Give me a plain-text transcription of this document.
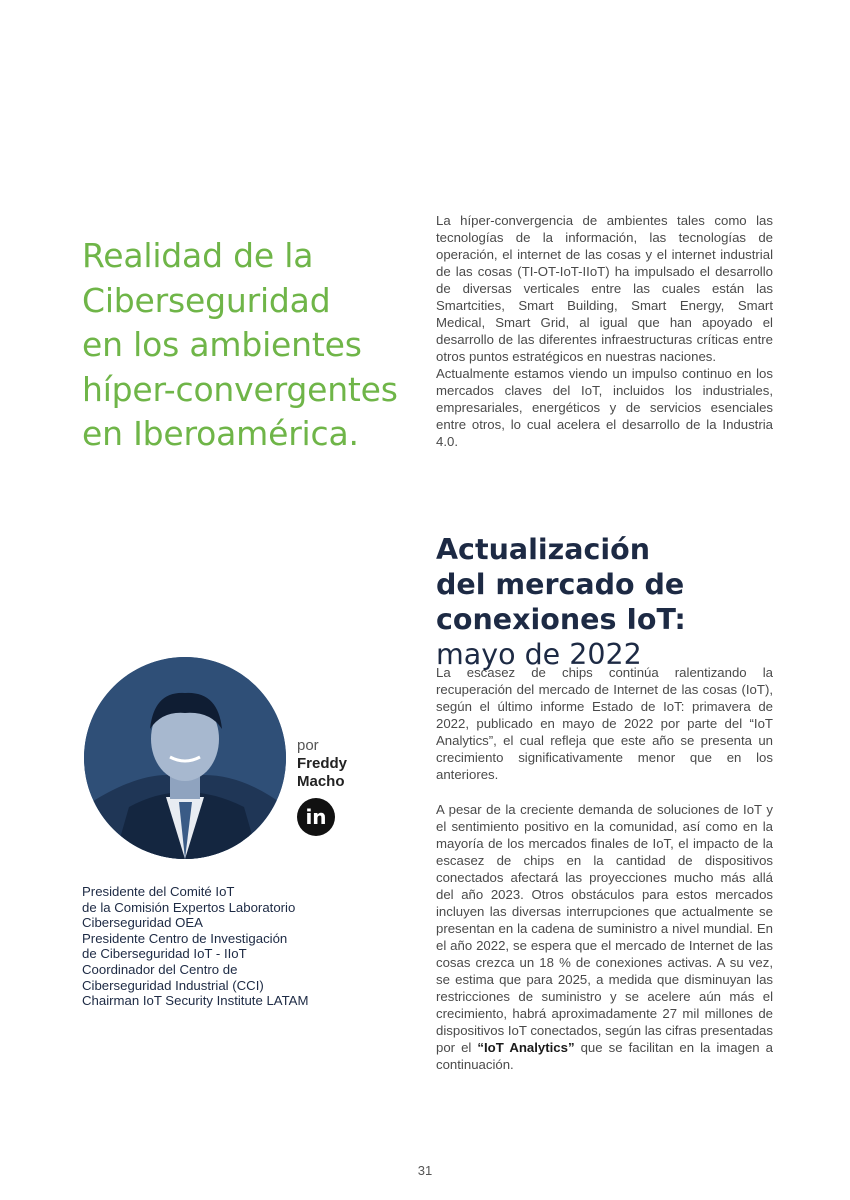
Realidad de la
Ciberseguridad
en los ambientes
híper-convergentes
en Iberoamérica.

La híper-convergencia de ambientes tales como las tecnologías de la información, las tecnologías de operación, el internet de las cosas y el internet industrial de las cosas (TI-OT-IoT-IIoT) ha impulsado el desarrollo de diversas verticales entre las cuales están las Smartcities, Smart Building, Smart Energy, Smart Medical, Smart Grid, al igual que han apoyado el desarrollo de las diferentes infraestructuras críticas entre otros puntos estratégicos en nuestras naciones.

Actualmente estamos viendo un impulso continuo en los mercados claves del IoT, incluidos los industriales, empresariales, energéticos y de servicios esenciales entre otros, lo cual acelera el desarrollo de la Industria 4.0.

Actualización
del mercado de
conexiones IoT:
mayo de 2022

La escasez de chips continúa ralentizando la recuperación del mercado de Internet de las cosas (IoT), según el último informe Estado de IoT: primavera de 2022, publicado en mayo de 2022 por parte del “IoT Analytics”, el cual refleja que este año se presenta un crecimiento significativamente menor que en los anteriores.

A pesar de la creciente demanda de soluciones de IoT y el sentimiento positivo en la comunidad, así como en la mayoría de los mercados finales de IoT, el impacto de la escasez de chips en la cantidad de dispositivos conectados afectará las proyecciones mucho más allá del año 2023. Otros obstáculos para estos mercados incluyen las diversas interrupciones que actualmente se presentan en la cadena de suministro a nivel mundial. En el año 2022, se espera que el mercado de Internet de las cosas crezca un 18 % de conexiones activas. A su vez, se estima que para 2025, a medida que disminuyan las restricciones de suministro y se acelere aún más el crecimiento, habrá aproximadamente 27 mil millones de dispositivos IoT conectados, según las cifras presentadas por el “IoT Analytics” que se facilitan en la imagen a continuación.

por
Freddy
Macho
in
Presidente del Comité IoT
de la Comisión Expertos Laboratorio
Ciberseguridad OEA
Presidente Centro de Investigación
de Ciberseguridad IoT - IIoT
Coordinador del Centro de
Ciberseguridad Industrial (CCI)
Chairman IoT Security Institute LATAM
31
